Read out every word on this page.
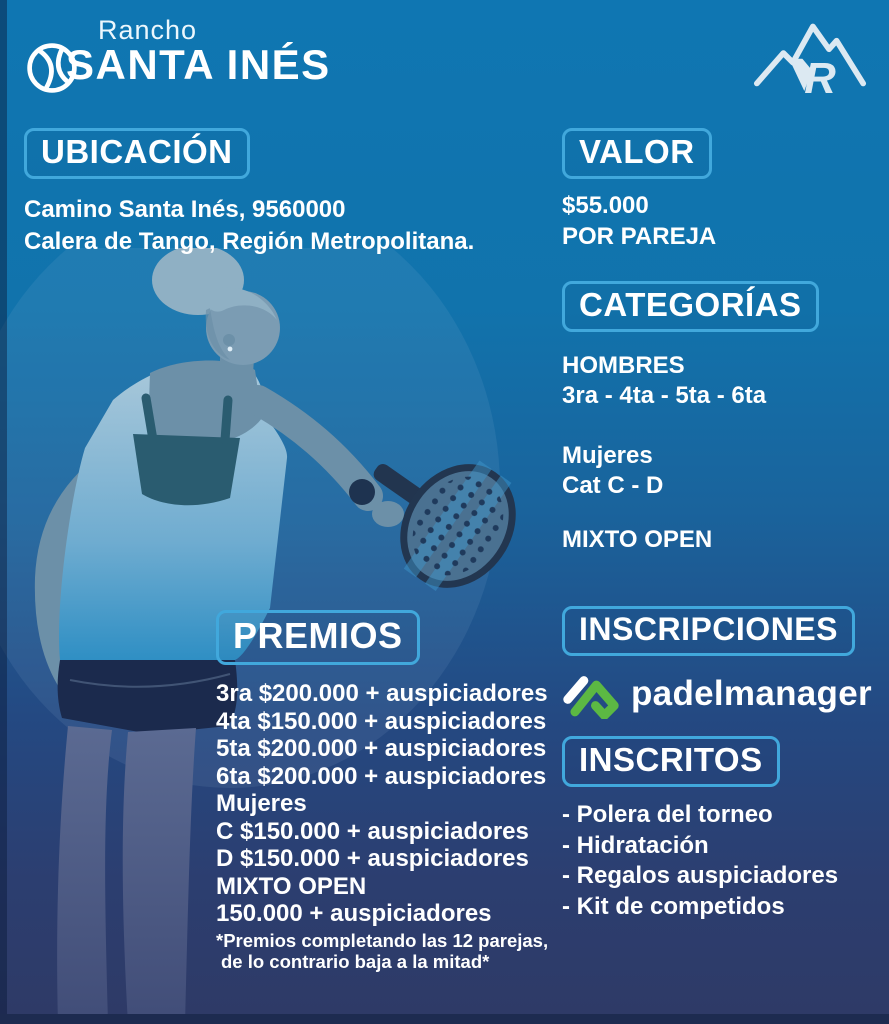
Rancho
SANTA INÉS	R
UBICACIÓN
Camino Santa Inés, 9560000
Calera de Tango, Región Metropolitana.
VALOR
$55.000
POR PAREJA
CATEGORÍAS
HOMBRES
3ra - 4ta - 5ta - 6ta
Mujeres
Cat C - D
MIXTO OPEN
PREMIOS
3ra $200.000 + auspiciadores
4ta $150.000 + auspiciadores
5ta $200.000 + auspiciadores
6ta $200.000 + auspiciadores
Mujeres
C $150.000 + auspiciadores
D $150.000 + auspiciadores
MIXTO OPEN
150.000 + auspiciadores
*Premios completando las 12 parejas,
de lo contrario baja a la mitad*
INSCRIPCIONES
padelmanager
INSCRITOS
- Polera del torneo
- Hidratación
- Regalos auspiciadores
- Kit de competidos
